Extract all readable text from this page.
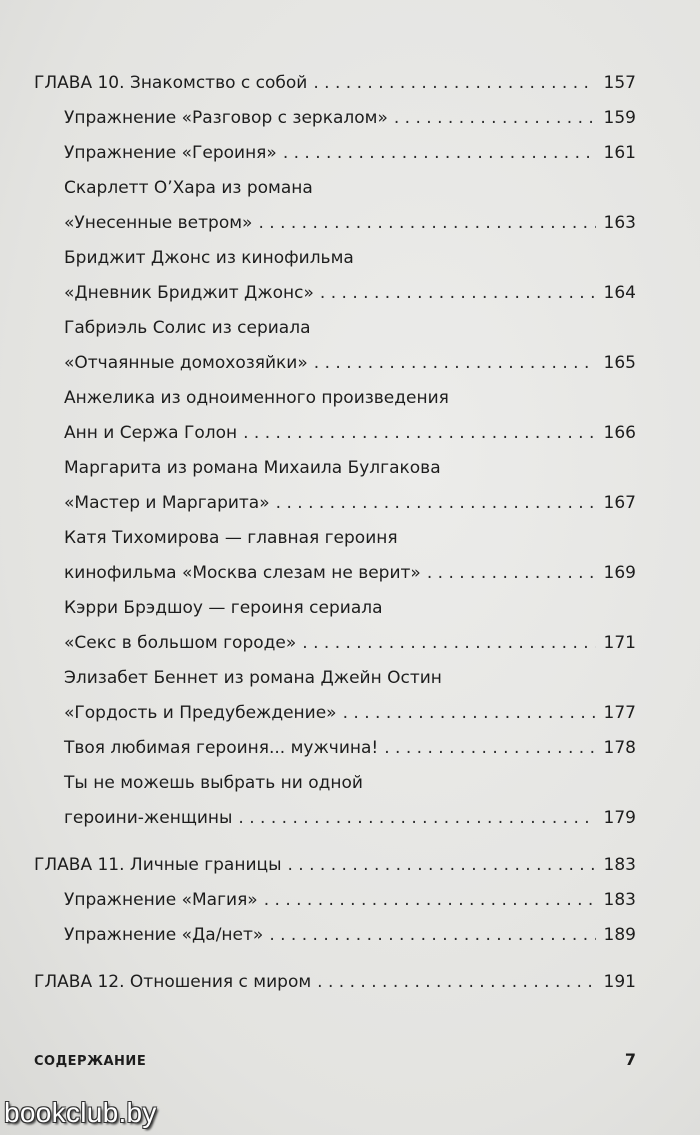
ГЛАВА 10. Знакомство с собой . . .	157
Упражнение «Разговор с зеркалом» . . .	159
Упражнение «Героиня» . . .	161
Скарлетт О’Хара из романа
«Унесенные ветром» . . .	163
Бриджит Джонс из кинофильма
«Дневник Бриджит Джонс» . . .	164
Габриэль Солис из сериала
«Отчаянные домохозяйки» . . .	165
Анжелика из одноименного произведения
Анн и Сержа Голон . . .	166
Маргарита из романа Михаила Булгакова
«Мастер и Маргарита» . . .	167
Катя Тихомирова — главная героиня
кинофильма «Москва слезам не верит» . . .	169
Кэрри Брэдшоу — героиня сериала
«Секс в большом городе» . . .	171
Элизабет Беннет из романа Джейн Остин
«Гордость и Предубеждение» . . .	177
Твоя любимая героиня... мужчина! . . .	178
Ты не можешь выбрать ни одной
героини-женщины . . .	179
ГЛАВА 11. Личные границы . . .	183
Упражнение «Магия» . . .	183
Упражнение «Да/нет» . . .	189
ГЛАВА 12. Отношения с миром . . .	191
СОДЕРЖАНИЕ	7
bookclub.by
